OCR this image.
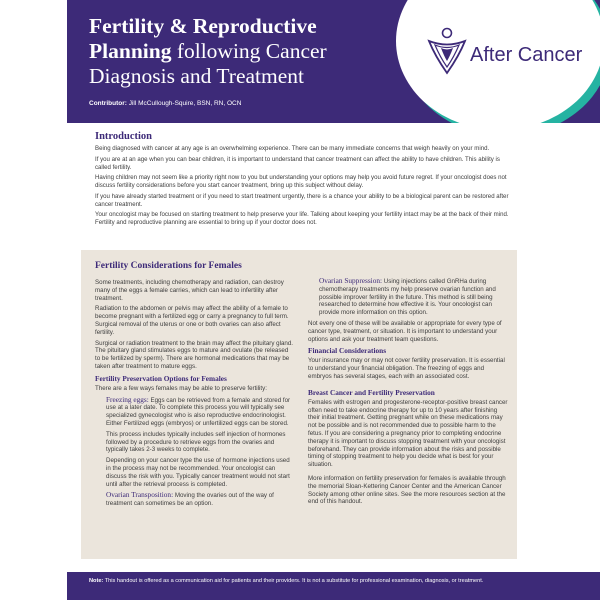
Fertility & Reproductive
Planning following Cancer
Diagnosis and Treatment
Contributor: Jill McCullough-Squire, BSN, RN, OCN
After Cancer
Introduction

Being diagnosed with cancer at any age is an overwhelming experience. There can be many immediate concerns that weigh heavily on your mind.

If you are at an age when you can bear children, it is important to understand that cancer treatment can affect the ability to have children. This ability is called fertility.

Having children may not seem like a priority right now to you but understanding your options may help you avoid future regret. If your oncologist does not discuss fertility considerations before you start cancer treatment, bring up this subject without delay.

If you have already started treatment or if you need to start treatment urgently, there is a chance your ability to be a biological parent can be restored after cancer treatment.

Your oncologist may be focused on starting treatment to help preserve your life. Talking about keeping your fertility intact may be at the back of their mind. Fertility and reproductive planning are essential to bring up if your doctor does not.

Fertility Considerations for Females

Some treatments, including chemotherapy and radiation, can destroy many of the eggs a female carries, which can lead to infertility after treatment.

Radiation to the abdomen or pelvis may affect the ability of a female to become pregnant with a fertilized egg or carry a pregnancy to full term. Surgical removal of the uterus or one or both ovaries can also affect fertility.

Surgical or radiation treatment to the brain may affect the pituitary gland. The pituitary gland stimulates eggs to mature and ovulate (be released to be fertilized by sperm). There are hormonal medications that may be taken after treatment to mature eggs.

Fertility Preservation Options for Females

There are a few ways females may be able to preserve fertility:

Freezing eggs: Eggs can be retrieved from a female and stored for use at a later date. To complete this process you will typically see specialized gynecologist who is also reproductive endocrinologist. Either Fertilized eggs (embryos) or unfertilized eggs can be stored.

This process includes typically includes self injection of hormones followed by a procedure to retrieve eggs from the ovaries and typically takes 2-3 weeks to complete.

Depending on your cancer type the use of hormone injections used in the process may not be recommended. Your oncologist can discuss the risk with you. Typically cancer treatment would not start until after the retrieval process is completed.

Ovarian Transposition: Moving the ovaries out of the way of treatment can sometimes be an option.

Ovarian Suppression: Using injections called GnRHa during chemotherapy treatments my help preserve ovarian function and possible improver fertility in the future. This method is still being researched to determine how effective it is. Your oncologist can provide more information on this option.

Not every one of these will be available or appropriate for every type of cancer type, treatment, or situation. It is important to understand your options and ask your treatment team questions.

Financial Considerations

Your insurance may or may not cover fertility preservation. It is essential to understand your financial obligation. The freezing of eggs and embryos has several stages, each with an associated cost.

Breast Cancer and Fertility Preservation

Females with estrogen and progesterone-receptor-positive breast cancer often need to take endocrine therapy for up to 10 years after finishing their initial treatment. Getting pregnant while on these medications may not be possible and is not recommended due to possible harm to the fetus. If you are considering a pregnancy prior to completing endocrine therapy it is important to discuss stopping treatment with your oncologist beforehand. They can provide information about the risks and possible timing of stopping treatment to help you decide what is best for your situation.

More information on fertility preservation for females is available through the memorial Sloan-Kettering Cancer Center and the American Cancer Society among other online sites. See the more resources section at the end of this handout.

Note: This handout is offered as a communication aid for patients and their providers. It is not a substitute for professional examination, diagnosis, or treatment.
